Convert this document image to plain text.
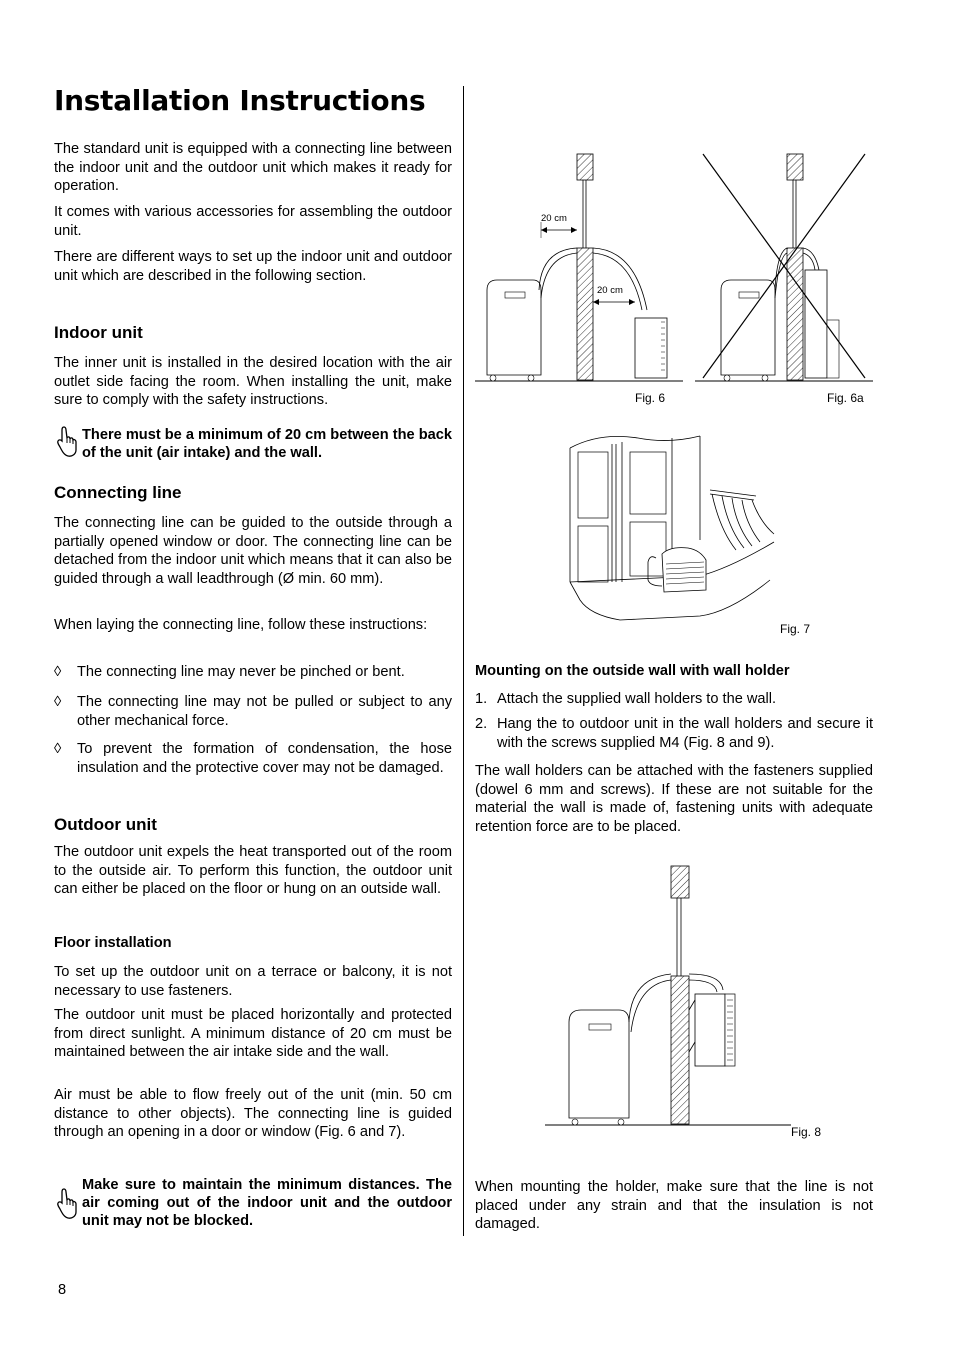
Installation Instructions

The standard unit is equipped with a connecting line between the indoor unit and the outdoor unit which makes it ready for operation.

It comes with various accessories for assembling the outdoor unit.

There are different ways to set up the indoor unit and outdoor unit which are described in the following section.

Indoor unit

The inner unit is installed in the desired location with the air outlet side facing the room. When installing the unit, make sure to comply with the safety instructions.

There must be a minimum of 20 cm between the back of the unit (air intake) and the wall.
Connecting line

The connecting line can be guided to the outside through a partially opened window or door. The connecting line can be detached from the indoor unit which means that it can also be guided through a wall leadthrough (Ø min. 60 mm).

When laying the connecting line, follow these instructions:

◊ The connecting line may never be pinched or bent.
◊ The connecting line may not be pulled or subject to any other mechanical force.
◊ To prevent the formation of condensation, the hose insulation and the protective cover may not be damaged.
Outdoor unit

The outdoor unit expels the heat transported out of the room to the outside air. To perform this function, the outdoor unit can either be placed on the floor or hung on an outside wall.

Floor installation

To set up the outdoor unit on a terrace or balcony, it is not necessary to use fasteners.

The outdoor unit must be placed horizontally and protected from direct sunlight. A minimum distance of 20 cm must be maintained between the air intake side and the wall.

Air must be able to flow freely out of the unit (min. 50 cm distance to other objects). The connecting line is guided through an opening in a door or window (Fig. 6 and 7).

Make sure to maintain the minimum distances. The air coming out of the indoor unit and the outdoor unit may not be blocked.
8
20 cm
20 cm
Fig. 6	Fig. 6a
Fig. 7
Mounting on the outside wall with wall holder
1. Attach the supplied wall holders to the wall.
2. Hang the to outdoor unit in the wall holders and secure it with the screws supplied M4 (Fig. 8 and 9).

The wall holders can be attached with the fasteners supplied (dowel 6 mm and screws). If these are not suitable for the material the wall is made of, fastening units with adequate retention force are to be placed.

Fig. 8

When mounting the holder, make sure that the line is not placed under any strain and that the insulation is not damaged.
